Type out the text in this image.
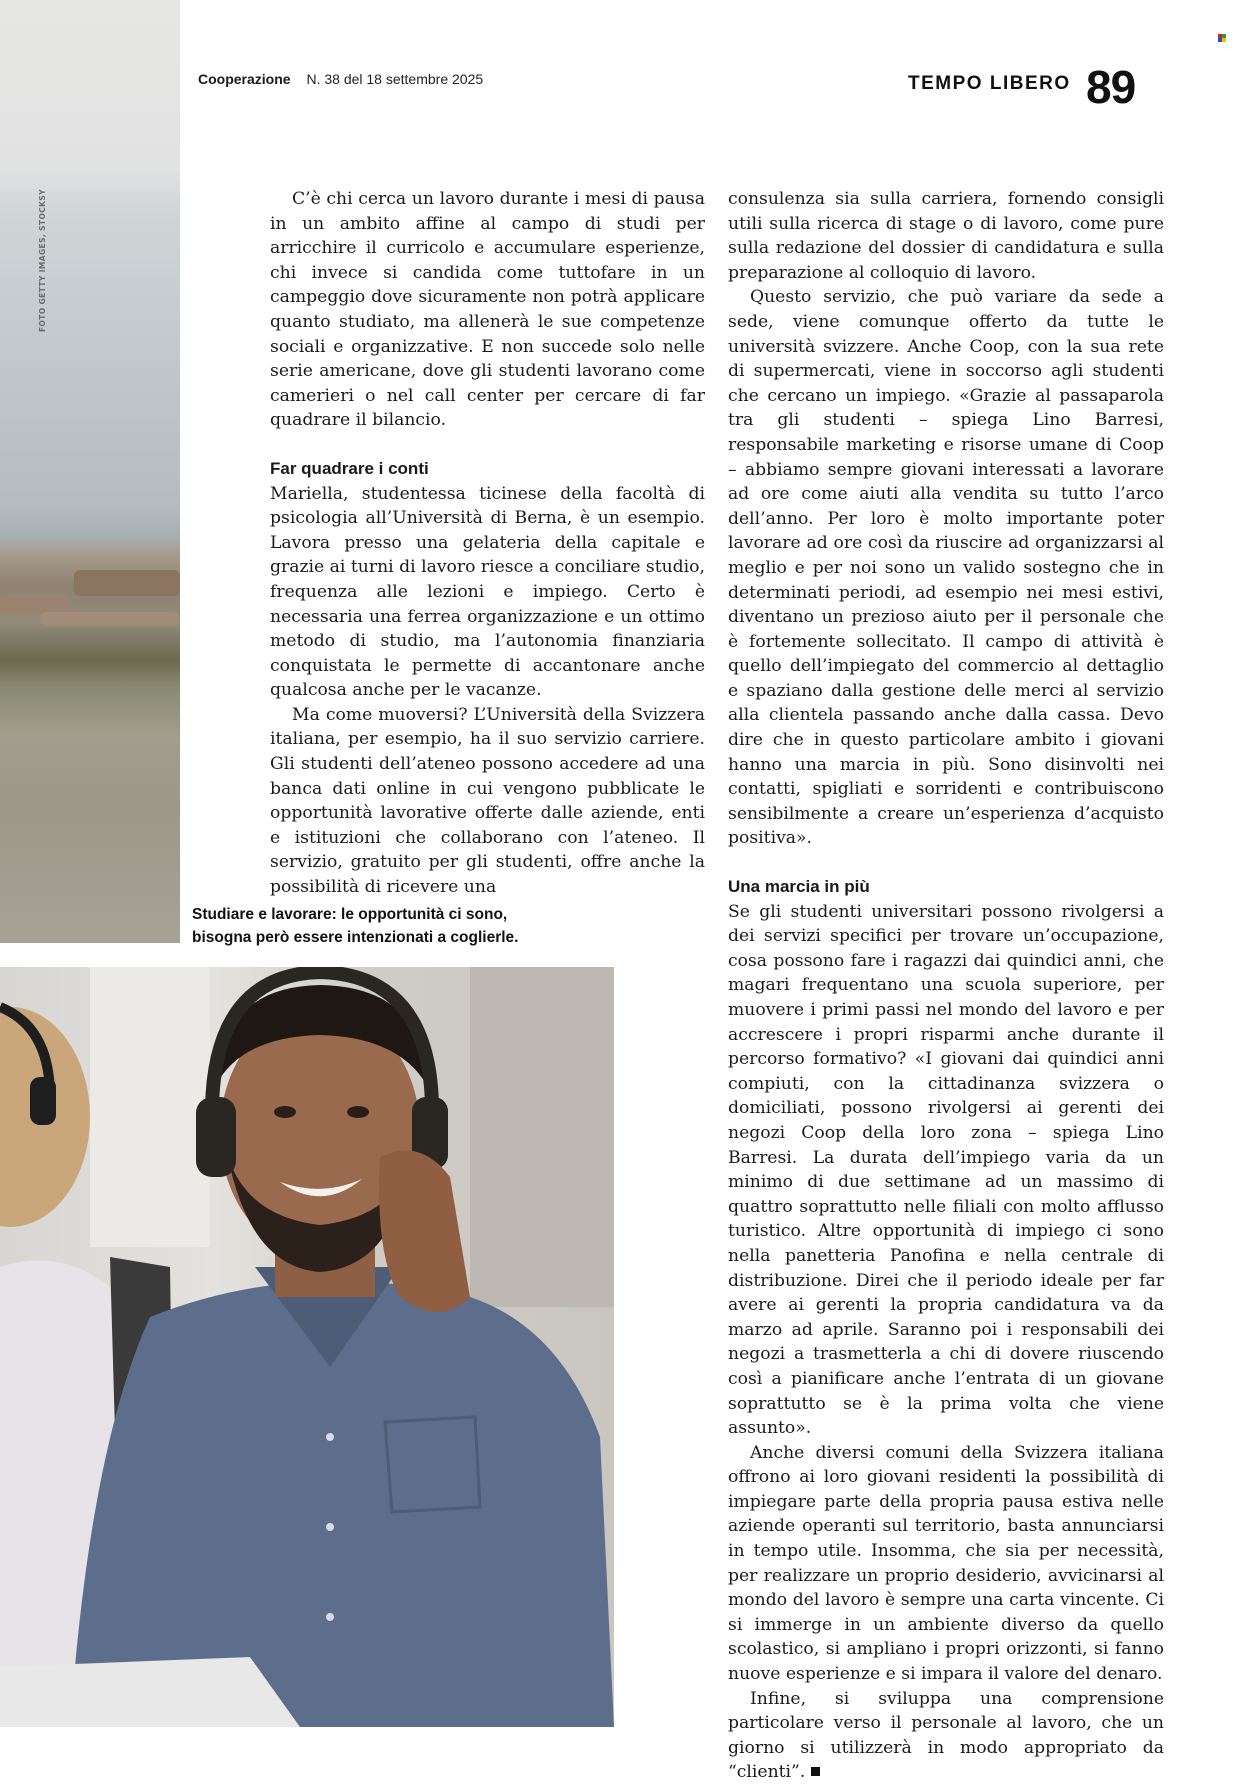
FOTO GETTY IMAGES, STOCKSY
Cooperazione N. 38 del 18 settembre 2025	TEMPO LIBERO 89

C’è chi cerca un lavoro durante i mesi di pausa in un ambito affine al campo di studi per arricchire il curricolo e accumulare esperienze, chi invece si candida come tuttofare in un campeggio dove sicuramente non potrà applicare quanto studiato, ma allenerà le sue competenze sociali e organizzative. E non succede solo nelle serie americane, dove gli studenti lavorano come camerieri o nel call center per cercare di far quadrare il bilancio.

Far quadrare i conti

Mariella, studentessa ticinese della facoltà di psicologia all’Università di Berna, è un esempio. Lavora presso una gelateria della capitale e grazie ai turni di lavoro riesce a conciliare studio, frequenza alle lezioni e impiego. Certo è necessaria una ferrea organizzazione e un ottimo metodo di studio, ma l’autonomia finanziaria conquistata le permette di accantonare anche qualcosa anche per le vacanze.

Ma come muoversi? L’Università della Svizzera italiana, per esempio, ha il suo servizio carriere. Gli studenti dell’ateneo possono accedere ad una banca dati online in cui vengono pubblicate le opportunità lavorative offerte dalle aziende, enti e istituzioni che collaborano con l’ateneo. Il servizio, gratuito per gli studenti, offre anche la possibilità di ricevere una

consulenza sia sulla carriera, fornendo consigli utili sulla ricerca di stage o di lavoro, come pure sulla redazione del dossier di candidatura e sulla preparazione al colloquio di lavoro.

Questo servizio, che può variare da sede a sede, viene comunque offerto da tutte le università svizzere. Anche Coop, con la sua rete di supermercati, viene in soccorso agli studenti che cercano un impiego. «Grazie al passaparola tra gli studenti – spiega Lino Barresi, responsabile marketing e risorse umane di Coop – abbiamo sempre giovani interessati a lavorare ad ore come aiuti alla vendita su tutto l’arco dell’anno. Per loro è molto importante poter lavorare ad ore così da riuscire ad organizzarsi al meglio e per noi sono un valido sostegno che in determinati periodi, ad esempio nei mesi estivi, diventano un prezioso aiuto per il personale che è fortemente sollecitato. Il campo di attività è quello dell’impiegato del commercio al dettaglio e spaziano dalla gestione delle merci al servizio alla clientela passando anche dalla cassa. Devo dire che in questo particolare ambito i giovani hanno una marcia in più. Sono disinvolti nei contatti, spigliati e sorridenti e contribuiscono sensibilmente a creare un’esperienza d’acquisto positiva».

Una marcia in più

Se gli studenti universitari possono rivolgersi a dei servizi specifici per trovare un’occupazione, cosa possono fare i ragazzi dai quindici anni, che magari frequentano una scuola superiore, per muovere i primi passi nel mondo del lavoro e per accrescere i propri risparmi anche durante il percorso formativo? «I giovani dai quindici anni compiuti, con la cittadinanza svizzera o domiciliati, possono rivolgersi ai gerenti dei negozi Coop della loro zona – spiega Lino Barresi. La durata dell’impiego varia da un minimo di due settimane ad un massimo di quattro soprattutto nelle filiali con molto afflusso turistico. Altre opportunità di impiego ci sono nella panetteria Panofina e nella centrale di distribuzione. Direi che il periodo ideale per far avere ai gerenti la propria candidatura va da marzo ad aprile. Saranno poi i responsabili dei negozi a trasmetterla a chi di dovere riuscendo così a pianificare anche l’entrata di un giovane soprattutto se è la prima volta che viene assunto».

Anche diversi comuni della Svizzera italiana offrono ai loro giovani residenti la possibilità di impiegare parte della propria pausa estiva nelle aziende operanti sul territorio, basta annunciarsi in tempo utile. Insomma, che sia per necessità, per realizzare un proprio desiderio, avvicinarsi al mondo del lavoro è sempre una carta vincente. Ci si immerge in un ambiente diverso da quello scolastico, si ampliano i propri orizzonti, si fanno nuove esperienze e si impara il valore del denaro.

Infine, si sviluppa una comprensione particolare verso il personale al lavoro, che un giorno si utilizzerà in modo appropriato da “clienti”.

Studiare e lavorare: le opportunità ci sono,
bisogna però essere intenzionati a coglierle.
